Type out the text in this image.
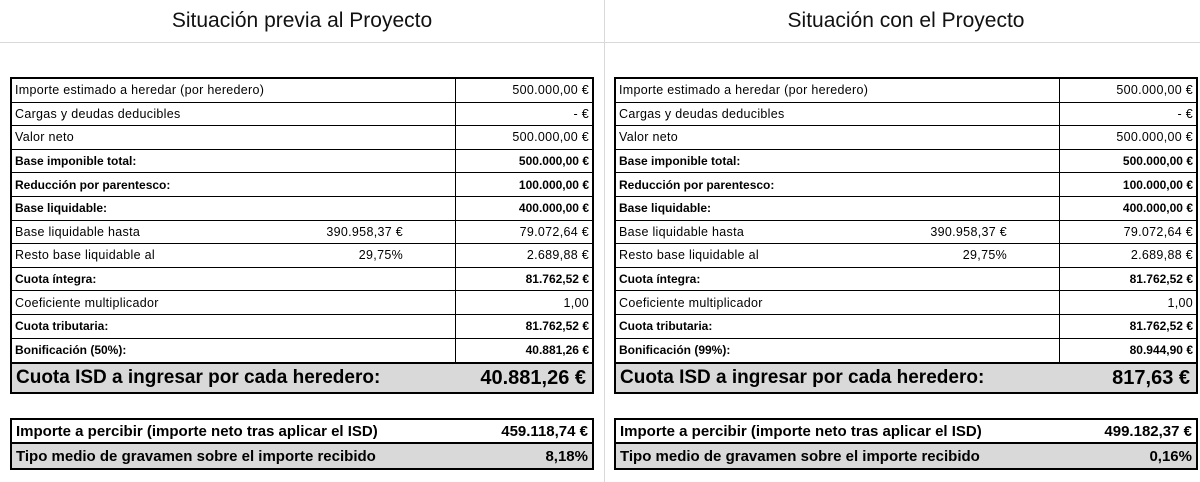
Situación previa al Proyecto
Importe estimado a heredar (por heredero)	500.000,00 €
Cargas y deudas deducibles	- €
Valor neto	500.000,00 €
Base imponible total:	500.000,00 €
Reducción por parentesco:	100.000,00 €
Base liquidable:	400.000,00 €
Base liquidable hasta	390.958,37 €	79.072,64 €
Resto base liquidable al	29,75%	2.689,88 €
Cuota íntegra:	81.762,52 €
Coeficiente multiplicador	1,00
Cuota tributaria:	81.762,52 €
Bonificación (50%):	40.881,26 €
Cuota ISD a ingresar por cada heredero:	40.881,26 €
Importe a percibir (importe neto tras aplicar el ISD)	459.118,74 €
Tipo medio de gravamen sobre el importe recibido	8,18%
Situación con el Proyecto
Importe estimado a heredar (por heredero)	500.000,00 €
Cargas y deudas deducibles	- €
Valor neto	500.000,00 €
Base imponible total:	500.000,00 €
Reducción por parentesco:	100.000,00 €
Base liquidable:	400.000,00 €
Base liquidable hasta	390.958,37 €	79.072,64 €
Resto base liquidable al	29,75%	2.689,88 €
Cuota íntegra:	81.762,52 €
Coeficiente multiplicador	1,00
Cuota tributaria:	81.762,52 €
Bonificación (99%):	80.944,90 €
Cuota ISD a ingresar por cada heredero:	817,63 €
Importe a percibir (importe neto tras aplicar el ISD)	499.182,37 €
Tipo medio de gravamen sobre el importe recibido	0,16%
